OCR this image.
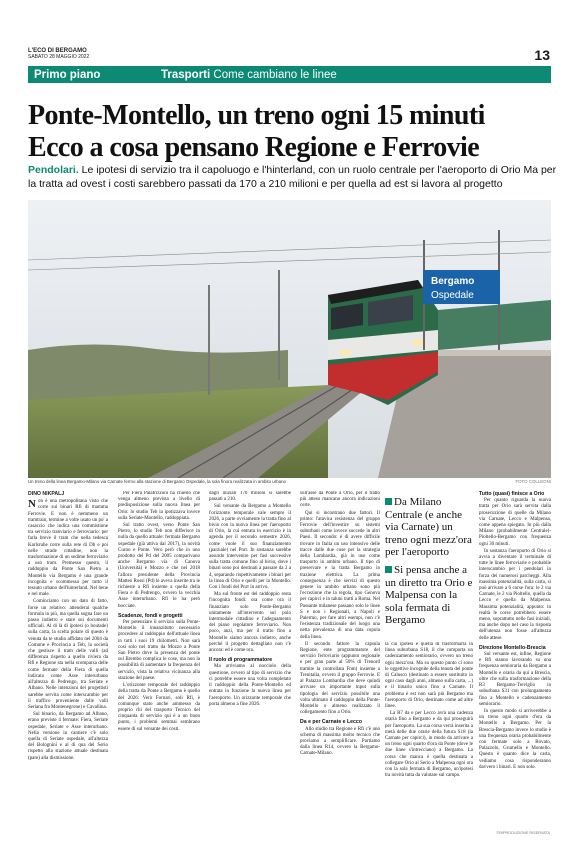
L'ECO DI BERGAMO
SABATO 28 MAGGIO 2022	13
Primo piano	Trasporti Come cambiano le linee
Ponte-Montello, un treno ogni 15 minuti
Ecco a cosa pensano Regione e Ferrovie
Pendolari. Le ipotesi di servizio tra il capoluogo e l'hinterland, con un ruolo centrale per l'aeroporto di Orio Ma per la tratta ad ovest i costi sarebbero passati da 170 a 210 milioni e per quella ad est si lavora al progetto
Bergamo
Ospedale
Un treno della linea Bergamo-Milano via Carnate fermo alla stazione di Bergamo Ospedale, la sola finora realizzata in ambito urbano	FOTO COLLEONI

DINO NIKPALJ

Non è una metropolitana visto che corre sui binari Rfi di mamma Ferrovie. E non è nemmeno un tramtrain, termine a volte usato un po' a casaccio che indica una commistione tra servizio tranviario e ferroviario: per farla breve il tram che nella tedesca Karlsruhe corre sulla rete di Db e poi nelle strade cittadine, non la trasformazione di un sedime ferroviario a uso tram. Premesso questo, il raddoppio da Ponte San Pietro a Montello via Bergamo è una grande incognita e scommessa per tutto il tessuto urbano dell'hinterland. Nel bene e nel male.

Cominciamo con un dato di fatto, forse un relativo: attenderai qualche formula in più, ma quella sogna fare un passo indietro e stare sui documenti ufficiali. Al di là di ipotesi (o boutade) sulla carta, la scelta polare di questo è venuta da te studio affidato nel 2004 da Comune e Provincia a Teb, la società che gestisce il tram delle valli (ad differenza rispetto a quello riviera da Rfi e Regione sta nella scomparsa delle come fermate della Fiera di quella indicata come Asse interurbano all'altezza di Pedrengo, tra Seriate e Albano. Nelle intenzioni dei progettisti sarebbe servita come interscambio per il traffico proveniente dalle valli Seriana fra Montenegrone) e Cavallina.

Sul binario, da Bergamo ad Albano, erano previste 4 fermate: Fiera, Seriate ospedale, Seriate e Asse interurbano. Nella versione in cantiere c'è solo quella di Seriate ospedale, all'altezza del Bolognini e al di qua del Serio rispetto alla stazione attuale destinata (pare) alla dismissione.

Per Fiera Palafrizzoni ha chiesto che venga almeno prevista a livello di predisposizione sulla nuova linea per Orio: lo studio Teb la ipotizzava invece sulla Seriate-Montello, raddoppiata.

Sul tratto ovest, verso Ponte San Pietro, lo studio Teb non differisce in nulla da quello attuale: fermata Bergamo ospedale (già attiva dal 2017), la novità Curno e Ponte. Vero però che in uno prodotto del Pd del 2005 comparivano anche Bergamo via di Canova (Università) e Mozzo e che nel 2018 l'allora presidente della Provincia Matteo Rossi (Pd) le aveva inserite tra le richieste a Rfi insieme a quella della Fiera e di Pedrengo, ovvero la vecchia Asse interurbano. Rfi le ha però bocciate.

Scadenze, fondi e progetti

Per potenziare il servizio sulla Ponte-Montello il innanzitutto necessario procedere al raddoppio dell'attuale linea in tutti i suoi 19 chilometri. Non sarà così solo nel tratto da Mozzo a Ponte San Pietro dove la presenza del ponte sul Brembo complica le cose, ma non la possibilità di aumentare la frequenza del servizio, vista la relativa vicinanza alla stazione del paese.

L'orizzonte temporale del raddoppio della tratta da Ponte a Bergamo è quello del 2026: Verò Fornari, soli Rfi, è comunque stato anche ammesso da proprio chi del trasporto Tecnico del cinquanta di servizio qui è a un buon punto, i problemi semmai sembrano essere di sul versante dei costi.

dagli iniziali 170 milioni si sarebbe passati a 210.

Sul versante da Bergamo a Montello l'orizzonte temporale vale sempre il 2026, a parte ovviamente la tratta fino al bivio con la nuova linea per l'aeroporto di Orio, la cui entrata in esercizio è in agenda per il secondo semestre 2026, come vuole il suo finanziamento (parziale) nel Pnrr. In sostanza sarebbe assurdo intervenire per fasi successive sulla tratta comune fino al bivio, dove i binari sono poi destinati a passare da 2 a 4, separando rispettivamente i binari per la linea di Orio e quelli per la Montello. Con i fondi del Pnrr in arrivo.

Ma sul fronte est del raddoppio resta l'incognita fondi: ora come ora il finanziato solo Ponte-Bergamo unitamente all'intervento sul polo intermodale cittadino e l'adeguamento del piano regolatore ferroviario. Non poco, anzi, ma per il tratto fino a Montello siamo ancora indietro, anche perché il progetto dettagliato non c'è ancora: ed è come ora.

Il ruolo di programmatore

Ma arriviamo al nocciolo della questione, ovvero al tipo di servizio che ci potrebbe essere una volta completato il raddoppio della Ponte-Montello ed entrata in funzione la nuova linea per l'aeroporto. Un orizzonte temporale che porta almeno a fine 2026.

sull'asse da Ponte a Orio, per il tratto più atteso mancano ancora indicazioni certe.

Qui si incontrano due fattori. Il primo: l'atavica resistenza del gruppo Ferrovie dell'investire su sistemi suburbani come invece succede in altri Paesi. Il secondo: è di avere difficile trovare in Italia un uso intensivo delle tracce dalle due cose per la strategia della Lombardia, già in uso come trasporto in ambito urbano. Il tipo di preservare e la tratta Bergamo in trazione elettrica. La prima conseguenza è che servizi di questo genere in ambito urbano sono più l'eccezione che la regola, tipo Genova per capirci e in taluni tratti a Roma. Nel Passante milanese passano solo le linee S e non i Regionali, a Napoli e Palermo, per fare altri esempi, non c'è l'esistenza tradizionale del luogo una netta prevalenza di una data cupola della linea.

Il secondo fattore la capsula Regione, ente programmatore del servizio ferroviario (appunto regionale e per gran parte al 50% di Trenord tramite la controllata Fnm) insieme a Trenitalia, ovvero il gruppo Ferrovie. E al Palazzo Lombardia che deve quindi arrivare un importante input sulla tipologia del servizio possibile una volta ultimato il raddoppio della Ponte-Montello o almeno realizzato il collegamento fino a Orio.

Da e per Carnate e Lecco

Allo studio tra Regione e Rfi c'è uno schema di massima molto tecnico che proviamo a semplificare. Partiamo dalla linea R14, ovvero la Bergamo-Carnate-Milano.

Da Milano Centrale (e anche via Carnate) un treno ogni mezz'ora per l'aeroporto
Si pensa anche a un diretto tra Orio e Malpensa con la sola fermata di Bergamo

la cui ipotesi è quella di trasformarla in linea suburbana S18, il che comporta un cadenzamento semiorario, ovvero un treno ogni mezz'ora. Ma su questo punto ci sono le oggettive incognite della tenuta del ponte di Calusco (destinato a essere sostituito in ogni caso dagli anni, almeno sulla carta, ...) e il binario unico fino a Carnate. Il problema è est non sarà più Bergamo ma l'aeroporto di Orio, destinato come ad altre linee.

La R7 da e per Lecco avrà una cadenza oraria fino a Bergamo e da qui proseguirà per l'aeroporto. La sua corsa verrà inserita a metà delle due orarie della futura S18 (la Carnate per capirci), in modo da arrivare a un treno ogni quarto d'ora da Ponte (dove le due linee s'intrecciano) a Bergamo. La corsa che manca è quella destinata a collegare Orio al Serio a Malpensa ogni ora con la sola fermata di Bergamo, un'ipotesi tra novità tutta da valutare sul campo.

Tutto (quasi) finisce a Orio

Per quanto riguarda la nuova tratta per Orio sarà servita dalla prosecuzione di quelle da Milano via Carnate, Lecco e Malpensa, come appena spiegato. In più dalla Milano (probabilmente Centrale)-Pioltello-Bergamo con frequenza ogni 30 minuti.

In sostanza l'aeroporto di Orio si avvia a diventare il terminale di tutte le linee ferroviarie e probabile interscambio per i pendolari in forza dei numerosi parcheggi. Alla massima potenzialità, sulla carta, si può arrivare a 6 corse l'ora: le 2 via Carnate, le 2 via Pioltello, quella da Lecco e quella da Malpensa. Massima potenzialità, appunto: in realtà le corse potrebbero essere meno, soprattutto nelle fasi iniziali, ma anche dopo nel caso la risposta dell'utenza non fosse all'altezza delle attese.

Direzione Montello-Brescia

Sul versante est, infine, Regione e Rfi stanno lavorando su una frequenza semioraria da Bergamo a Montello e oraria da qui a Brescia, oltre che sulla trasformazione della R3 Bergamo-Treviglio in suburbana S31 con prolungamento fino a Montello e cadenzamento semiorario.

In questo modo si arriverebbe a un treno ogni quarto d'ora da Montello a Bergamo. Per la Brescia-Bergamo invece lo studio è una frequenza oraria probabilmente con fermate solo a Rovato, Palazzolo, Grumello e Montello. Questo è quanto dice la carta, vediamo cosa risponderanno davvero i binari. E non solo.

©RIPRODUZIONE RISERVATA
